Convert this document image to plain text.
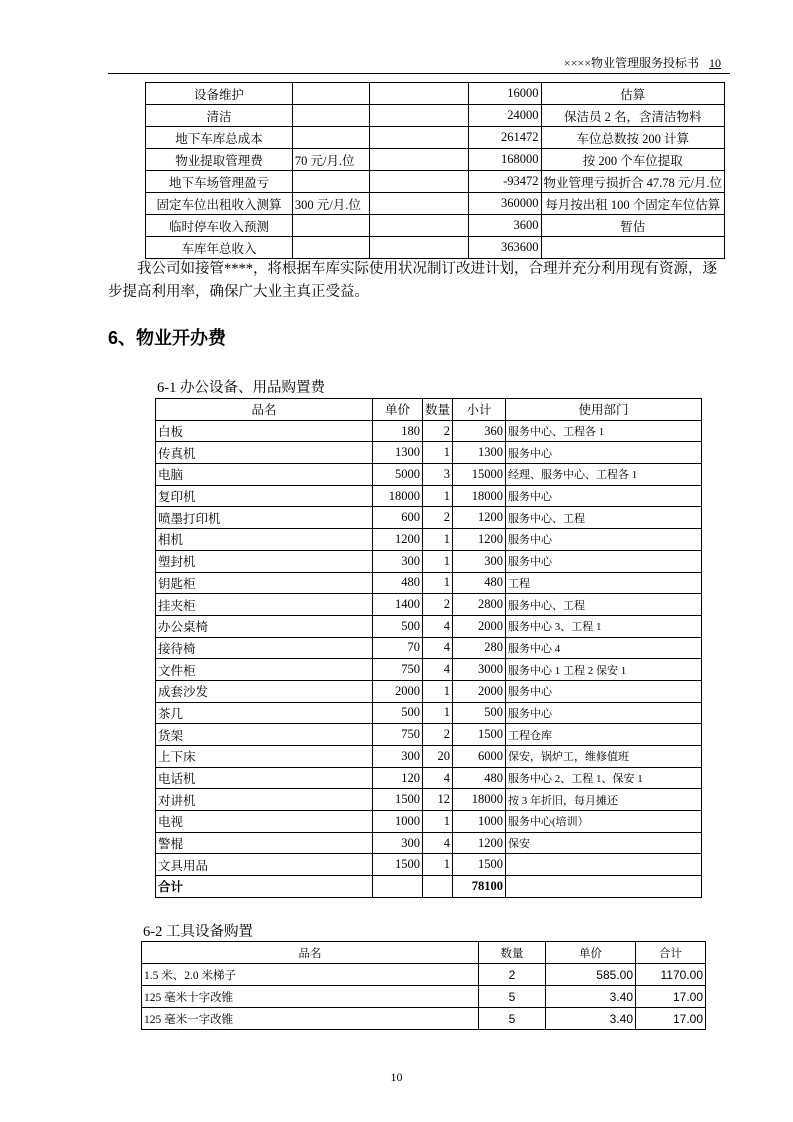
××××物业管理服务投标书 10
设备维护			16000	估算
清洁			24000	保洁员 2 名，含清洁物料
地下车库总成本			261472	车位总数按 200 计算
物业提取管理费	70 元/月.位		168000	按 200 个车位提取
地下车场管理盈亏			-93472	物业管理亏损折合 47.78 元/月.位
固定车位出租收入测算	300 元/月.位		360000	每月按出租 100 个固定车位估算
临时停车收入预测			3600	暂估
车库年总收入			363600	
我公司如接管****，将根据车库实际使用状况制订改进计划，合理并充分利用现有资源，逐步提高利用率，确保广大业主真正受益。
6、物业开办费
6-1 办公设备、用品购置费
品名	单价	数量	小计	使用部门
白板	180	2	360	服务中心、工程各 1
传真机	1300	1	1300	服务中心
电脑	5000	3	15000	经理、服务中心、工程各 1
复印机	18000	1	18000	服务中心
喷墨打印机	600	2	1200	服务中心、工程
相机	1200	1	1200	服务中心
塑封机	300	1	300	服务中心
钥匙柜	480	1	480	工程
挂夹柜	1400	2	2800	服务中心、工程
办公桌椅	500	4	2000	服务中心 3、工程 1
接待椅	70	4	280	服务中心 4
文件柜	750	4	3000	服务中心 1 工程 2 保安 1
成套沙发	2000	1	2000	服务中心
茶几	500	1	500	服务中心
货架	750	2	1500	工程仓库
上下床	300	20	6000	保安，锅炉工，维修值班
电话机	120	4	480	服务中心 2、工程 1、保安 1
对讲机	1500	12	18000	按 3 年折旧，每月摊还
电视	1000	1	1000	服务中心(培训）
警棍	300	4	1200	保安
文具用品	1500	1	1500	
合计			78100	
6-2 工具设备购置
品名	数量	单价	合计
1.5 米、2.0 米梯子	2	585.00	1170.00
125 毫米十字改锥	5	3.40	17.00
125 毫米一字改锥	5	3.40	17.00
10
